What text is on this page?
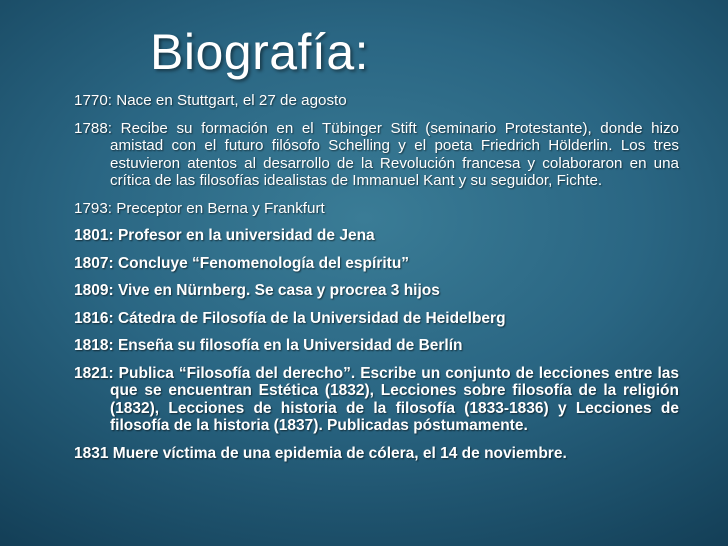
Biografía:
1770: Nace en Stuttgart, el 27 de agosto
1788: Recibe su formación en el Tübinger Stift (seminario Protestante), donde hizo amistad con el futuro filósofo Schelling y el poeta Friedrich Hölderlin. Los tres estuvieron atentos al desarrollo de la Revolución francesa y colaboraron en una crítica de las filosofías idealistas de Immanuel Kant y su seguidor, Fichte.
1793: Preceptor en Berna y Frankfurt
1801: Profesor en la universidad de Jena
1807: Concluye “Fenomenología del espíritu”
1809: Vive en Nürnberg. Se casa y procrea 3 hijos
1816: Cátedra de Filosofía de la Universidad de Heidelberg
1818: Enseña su filosofía en la Universidad de Berlín
1821: Publica “Filosofía del derecho”. Escribe un conjunto de lecciones entre las que se encuentran Estética (1832), Lecciones sobre filosofía de la religión (1832), Lecciones de historia de la filosofía (1833-1836) y Lecciones de filosofía de la historia (1837). Publicadas póstumamente.
1831 Muere víctima de una epidemia de cólera, el 14 de noviembre.
